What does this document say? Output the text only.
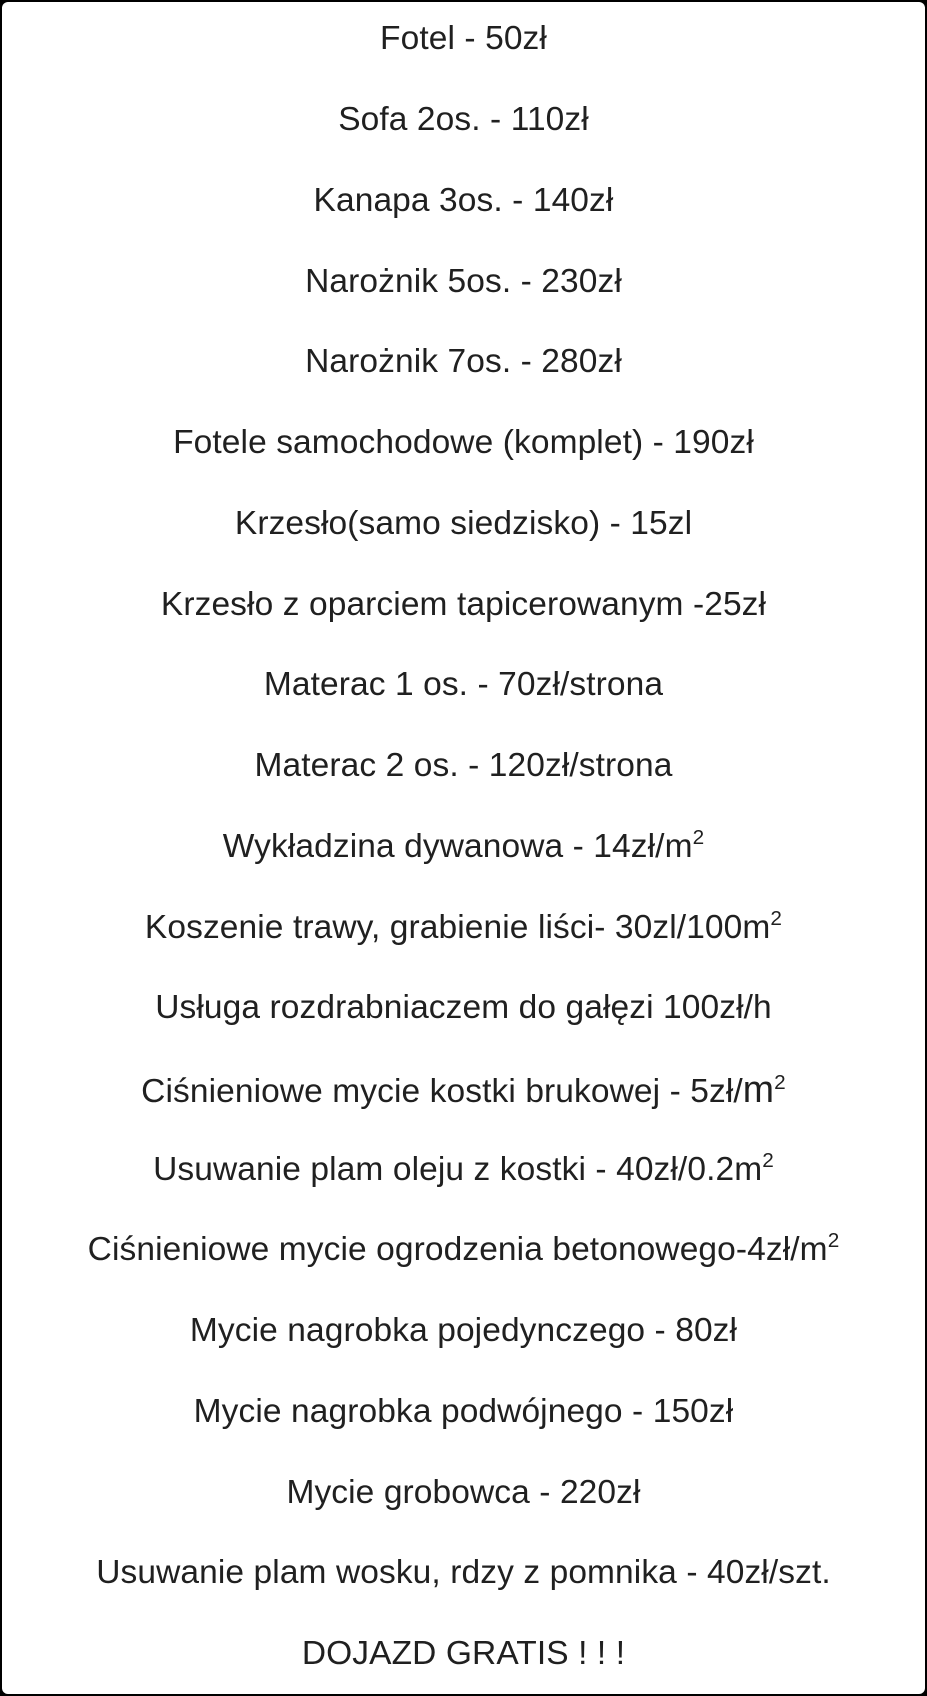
Fotel - 50zł
Sofa 2os. - 110zł
Kanapa 3os. - 140zł
Narożnik 5os. - 230zł
Narożnik 7os. - 280zł
Fotele samochodowe (komplet) - 190zł
Krzesło(samo siedzisko) - 15zl
Krzesło z oparciem tapicerowanym -25zł
Materac 1 os. - 70zł/strona
Materac 2 os. - 120zł/strona
Wykładzina dywanowa - $14zł/m^2$
Koszenie trawy, grabienie liści- $30zl/100m^2$
Usługa rozdrabniaczem do gałęzi 100zł/h
Ciśnieniowe mycie kostki brukowej - $5zł/m^2$
Usuwanie plam oleju z kostki - $40zł/0.2m^2$
Ciśnieniowe mycie ogrodzenia betonowego-$4zł/m^2$
Mycie nagrobka pojedynczego - 80zł
Mycie nagrobka podwójnego - 150zł
Mycie grobowca - 220zł
Usuwanie plam wosku, rdzy z pomnika - 40zł/szt.
DOJAZD GRATIS ! ! !
